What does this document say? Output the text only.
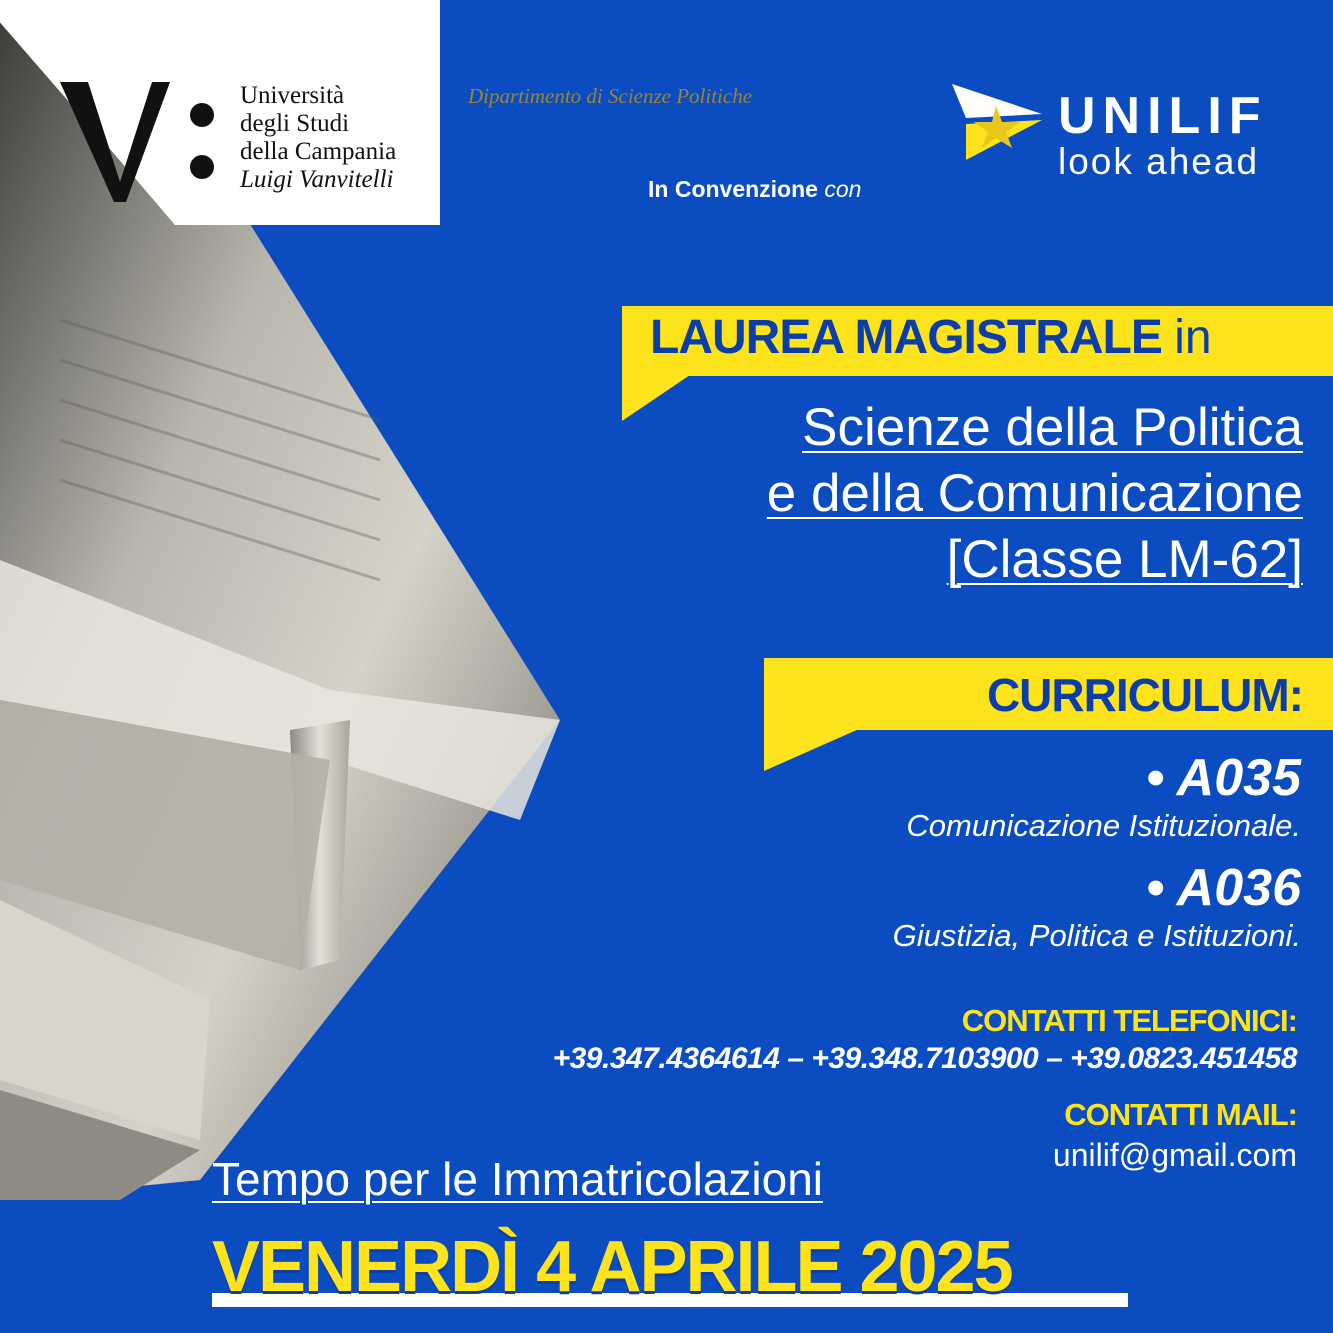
Università
degli Studi
della Campania
Luigi Vanvitelli
Dipartimento di Scienze Politiche
In Convenzione con
UNILIF
look ahead
LAUREA MAGISTRALE in
Scienze della Politica
e della Comunicazione
[Classe LM-62]
CURRICULUM:
• A035
Comunicazione Istituzionale.
• A036
Giustizia, Politica e Istituzioni.
CONTATTI TELEFONICI:
+39.347.4364614 – +39.348.7103900 – +39.0823.451458
CONTATTI MAIL:
unilif@gmail.com
Tempo per le Immatricolazioni
VENERDÌ 4 APRILE 2025
